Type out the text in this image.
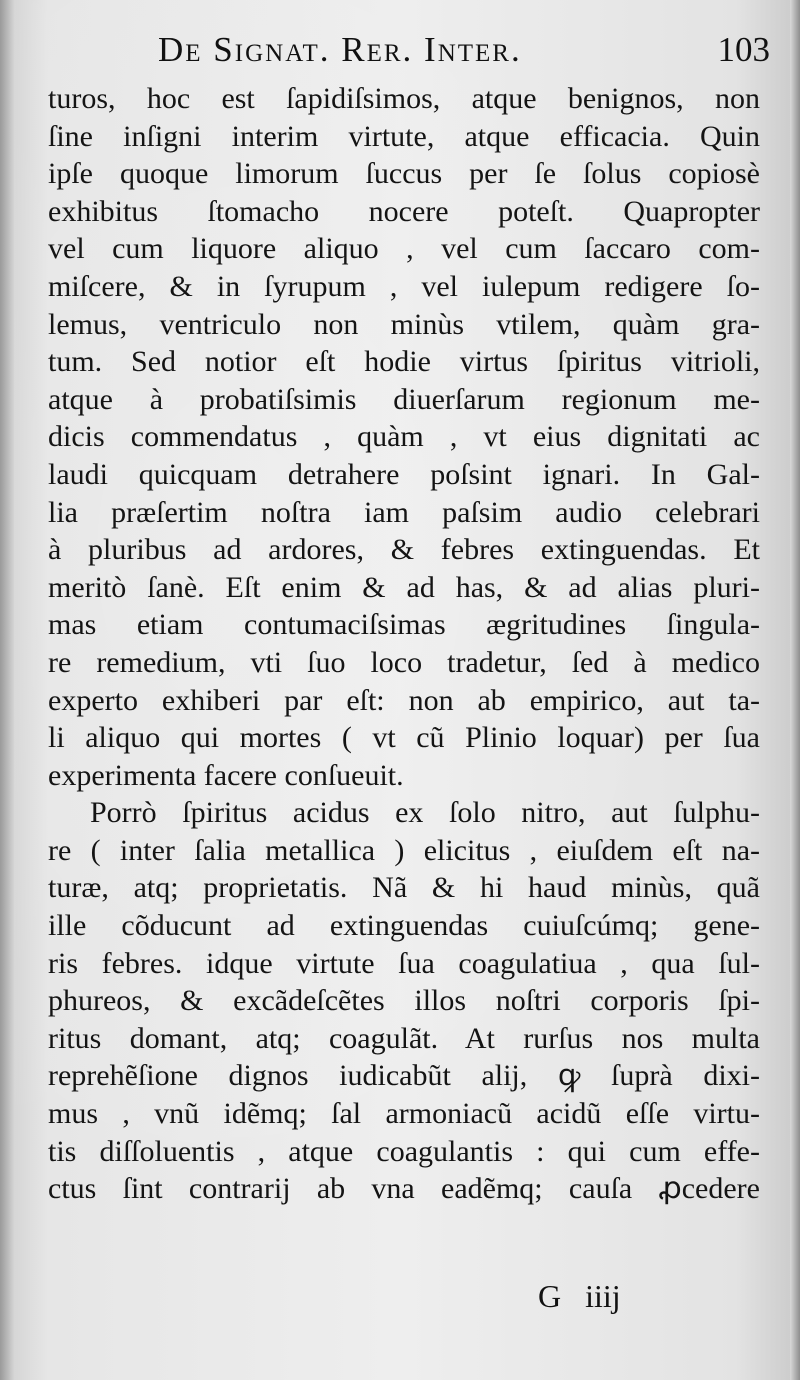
De Signat. Rer. Inter.	103
turos, hoc est ſapidiſsimos, atque benignos, non
ſine inſigni interim virtute, atque efficacia. Quin
ipſe quoque limorum ſuccus per ſe ſolus copiosè
exhibitus ſtomacho nocere poteſt. Quapropter
vel cum liquore aliquo , vel cum ſaccaro com-
miſcere, & in ſyrupum , vel iulepum redigere ſo-
lemus, ventriculo non minùs vtilem, quàm gra-
tum. Sed notior eſt hodie virtus ſpiritus vitrioli,
atque à probatiſsimis diuerſarum regionum me-
dicis commendatus , quàm , vt eius dignitati ac
laudi quicquam detrahere poſsint ignari. In Gal-
lia præſertim noſtra iam paſsim audio celebrari
à pluribus ad ardores, & febres extinguendas. Et
meritò ſanè. Eſt enim & ad has, & ad alias pluri-
mas etiam contumaciſsimas ægritudines ſingula-
re remedium, vti ſuo loco tradetur, ſed à medico
experto exhiberi par eſt: non ab empirico, aut ta-
li aliquo qui mortes ( vt cũ Plinio loquar) per ſua
experimenta facere conſueuit.
Porrò ſpiritus acidus ex ſolo nitro, aut ſulphu-
re ( inter ſalia metallica ) elicitus , eiuſdem eſt na-
turæ, atq; proprietatis. Nã & hi haud minùs, quã
ille cõducunt ad extinguendas cuiuſcúmq; gene-
ris febres. idque virtute ſua coagulatiua , qua ſul-
phureos, & excãdeſcẽtes illos noſtri corporis ſpi-
ritus domant, atq; coagulãt. At rurſus nos multa
reprehẽſione dignos iudicabũt alij, ꝙ ſuprà dixi-
mus , vnũ idẽmq; ſal armoniacũ acidũ eſſe virtu-
tis diſſoluentis , atque coagulantis : qui cum effe-
ctus ſint contrarij ab vna eadẽmq; cauſa ꝓcedere
G iiij
